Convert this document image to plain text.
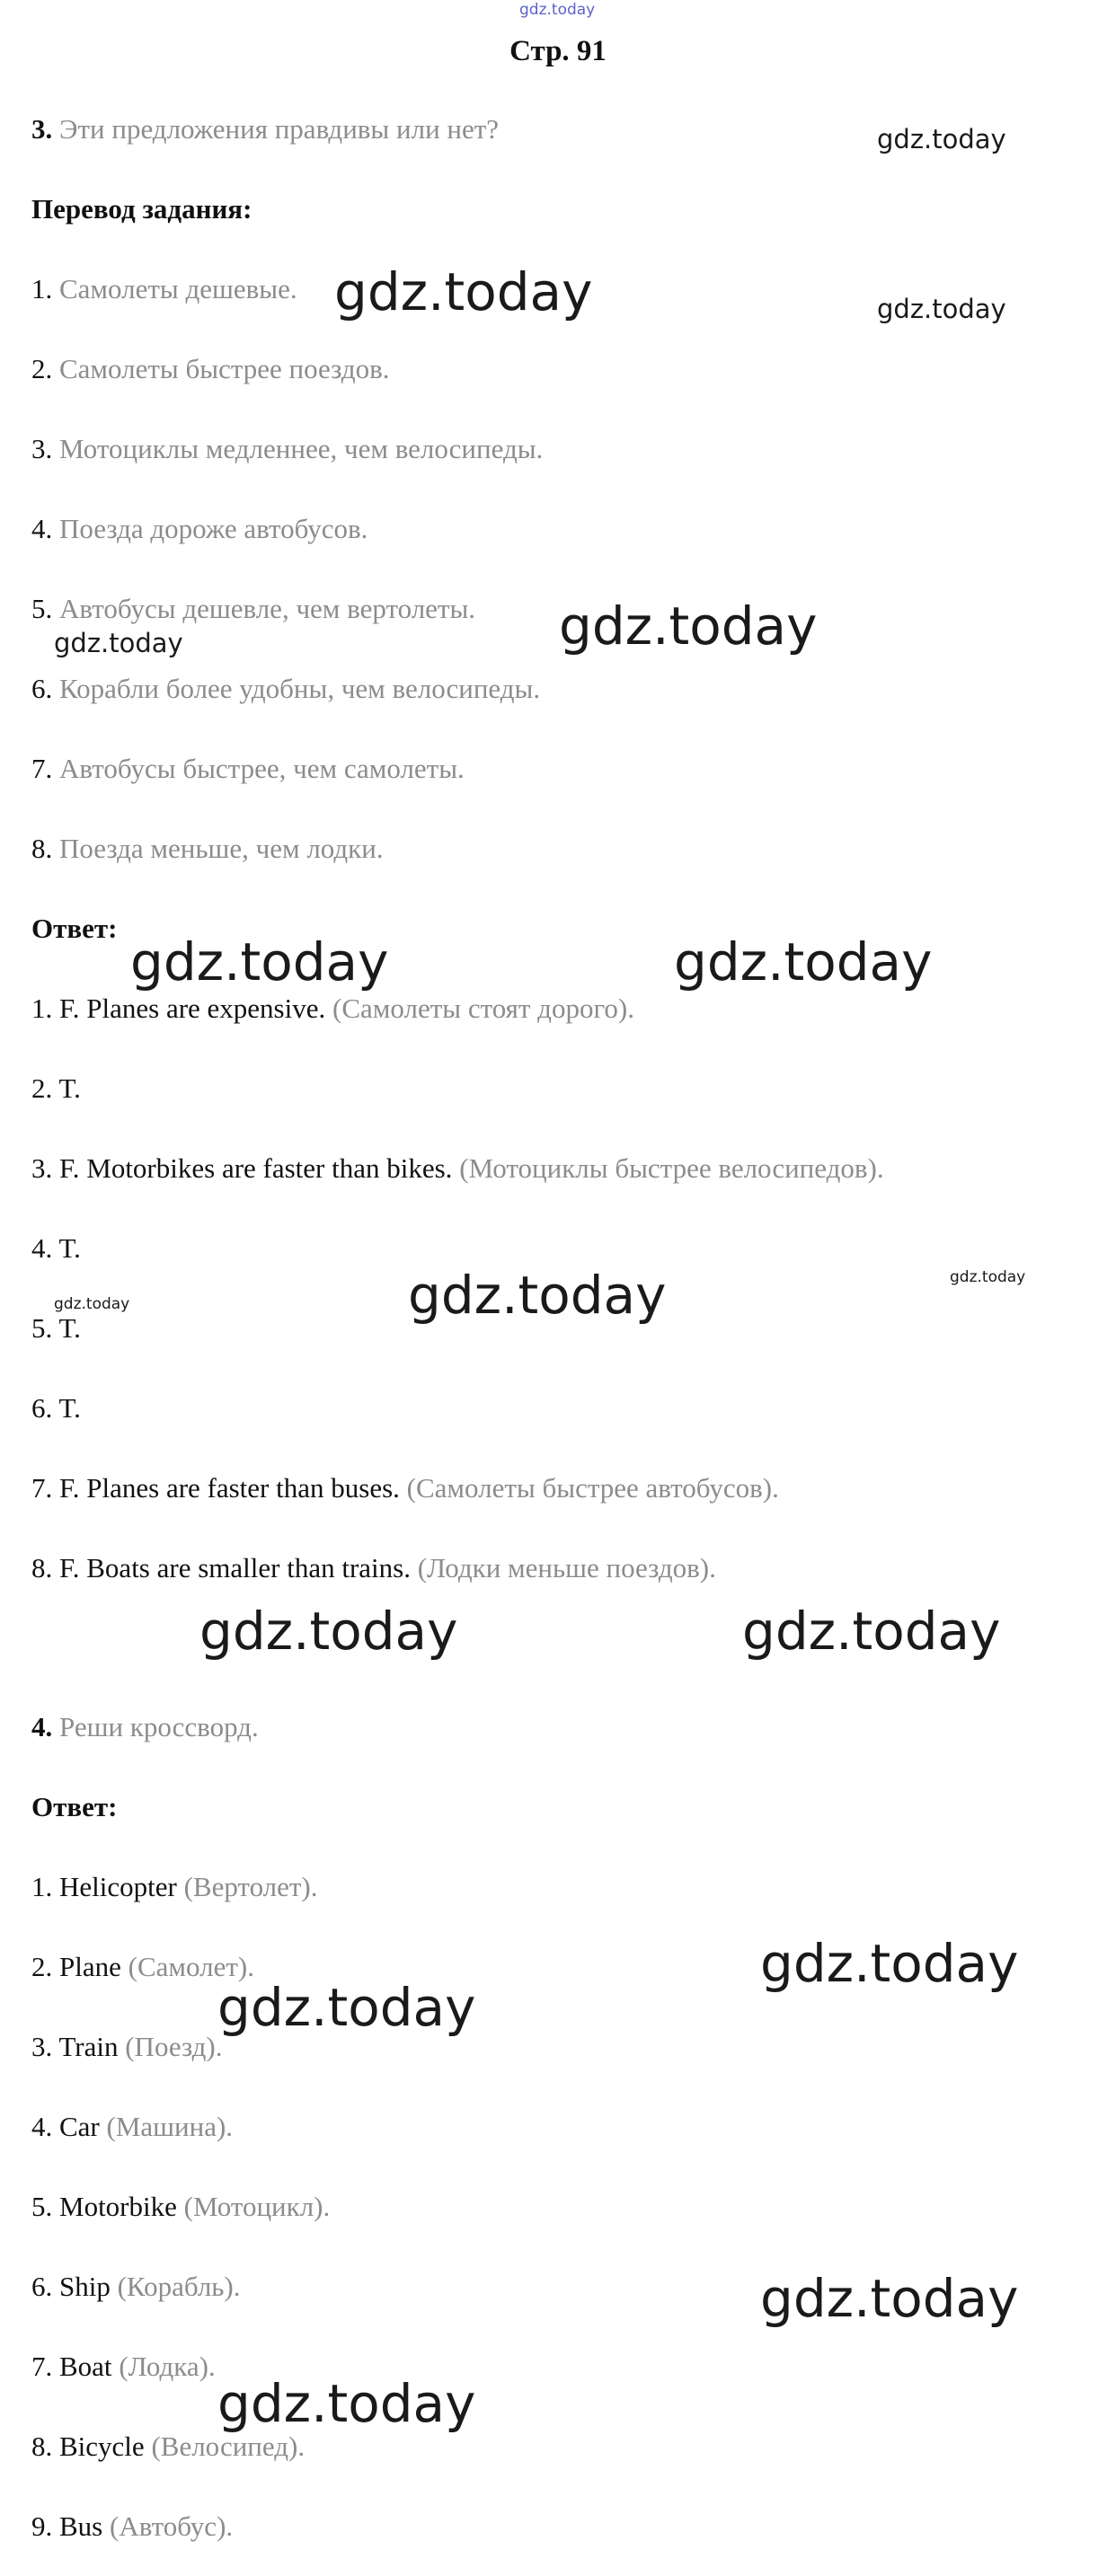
gdz.today
Стр. 91
3. Эти предложения правдивы или нет?
Перевод задания:
1. Самолеты дешевые.
2. Самолеты быстрее поездов.
3. Мотоциклы медленнее, чем велосипеды.
4. Поезда дороже автобусов.
5. Автобусы дешевле, чем вертолеты.
6. Корабли более удобны, чем велосипеды.
7. Автобусы быстрее, чем самолеты.
8. Поезда меньше, чем лодки.
Ответ:
1. F. Planes are expensive. (Самолеты стоят дорого).
2. T.
3. F. Motorbikes are faster than bikes. (Мотоциклы быстрее велосипедов).
4. T.
5. T.
6. T.
7. F. Planes are faster than buses. (Самолеты быстрее автобусов).
8. F. Boats are smaller than trains. (Лодки меньше поездов).
4. Реши кроссворд.
Ответ:
1. Helicopter (Вертолет).
2. Plane (Самолет).
3. Train (Поезд).
4. Car (Машина).
5. Motorbike (Мотоцикл).
6. Ship (Корабль).
7. Boat (Лодка).
8. Bicycle (Велосипед).
9. Bus (Автобус).
gdz.today
gdz.today	gdz.today
gdz.today
gdz.today
gdz.today	gdz.today
gdz.today	gdz.today
gdz.today
gdz.today	gdz.today
gdz.today
gdz.today
gdz.today
gdz.today
